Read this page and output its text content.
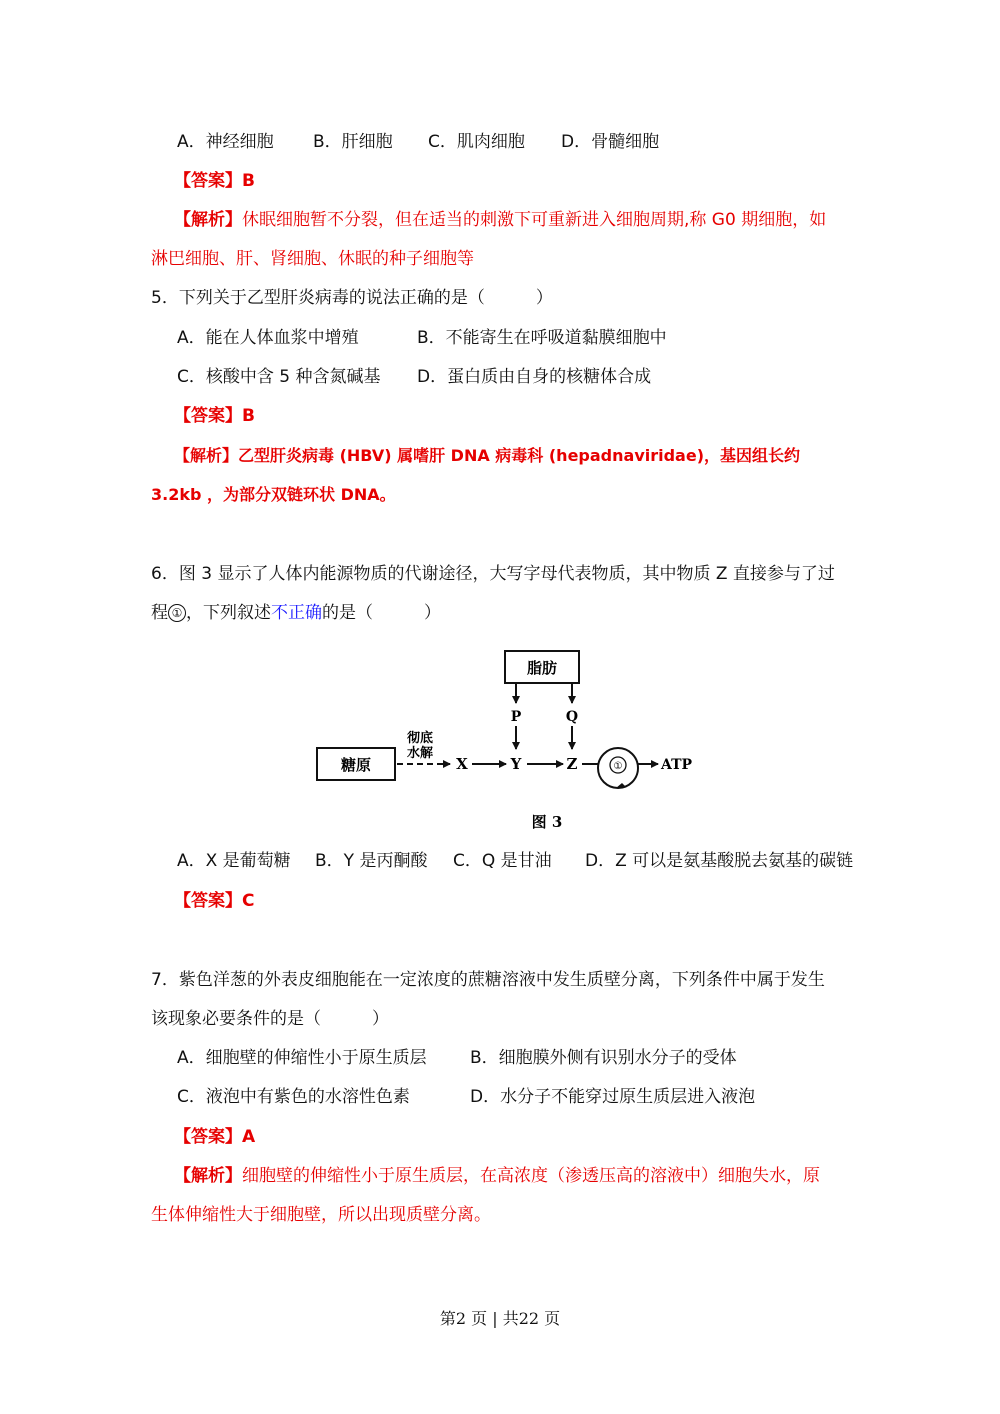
A．神经细胞 B．肝细胞 C．肌肉细胞 D．骨髓细胞
【答案】B
【解析】休眠细胞暂不分裂，但在适当的刺激下可重新进入细胞周期,称 G0 期细胞，如
淋巴细胞、肝、肾细胞、休眠的种子细胞等
5．下列关于乙型肝炎病毒的说法正确的是（　　　）
A．能在人体血浆中增殖	B．不能寄生在呼吸道黏膜细胞中
C．核酸中含 5 种含氮碱基 D．蛋白质由自身的核糖体合成
【答案】B
【解析】乙型肝炎病毒 (HBV) 属嗜肝 DNA 病毒科 (hepadnaviridae)，基因组长约
3.2kb ，为部分双链环状 DNA。
6．图 3 显示了人体内能源物质的代谢途径，大写字母代表物质，其中物质 Z 直接参与了过
程 ① ，下列叙述不正确的是（　　　）
脂肪
糖原
彻底
水解
X	Y	Z
P	Q
①	ATP
图 3
A．X 是葡萄糖 B．Y 是丙酮酸 C．Q 是甘油 D．Z 可以是氨基酸脱去氨基的碳链
【答案】C
7．紫色洋葱的外表皮细胞能在一定浓度的蔗糖溶液中发生质壁分离，下列条件中属于发生
该现象必要条件的是（　　　）
A．细胞壁的伸缩性小于原生质层	B．细胞膜外侧有识别水分子的受体
C．液泡中有紫色的水溶性色素	D．水分子不能穿过原生质层进入液泡
【答案】A
【解析】细胞壁的伸缩性小于原生质层，在高浓度（渗透压高的溶液中）细胞失水，原
生体伸缩性大于细胞壁，所以出现质壁分离。
第2 页 | 共22 页
